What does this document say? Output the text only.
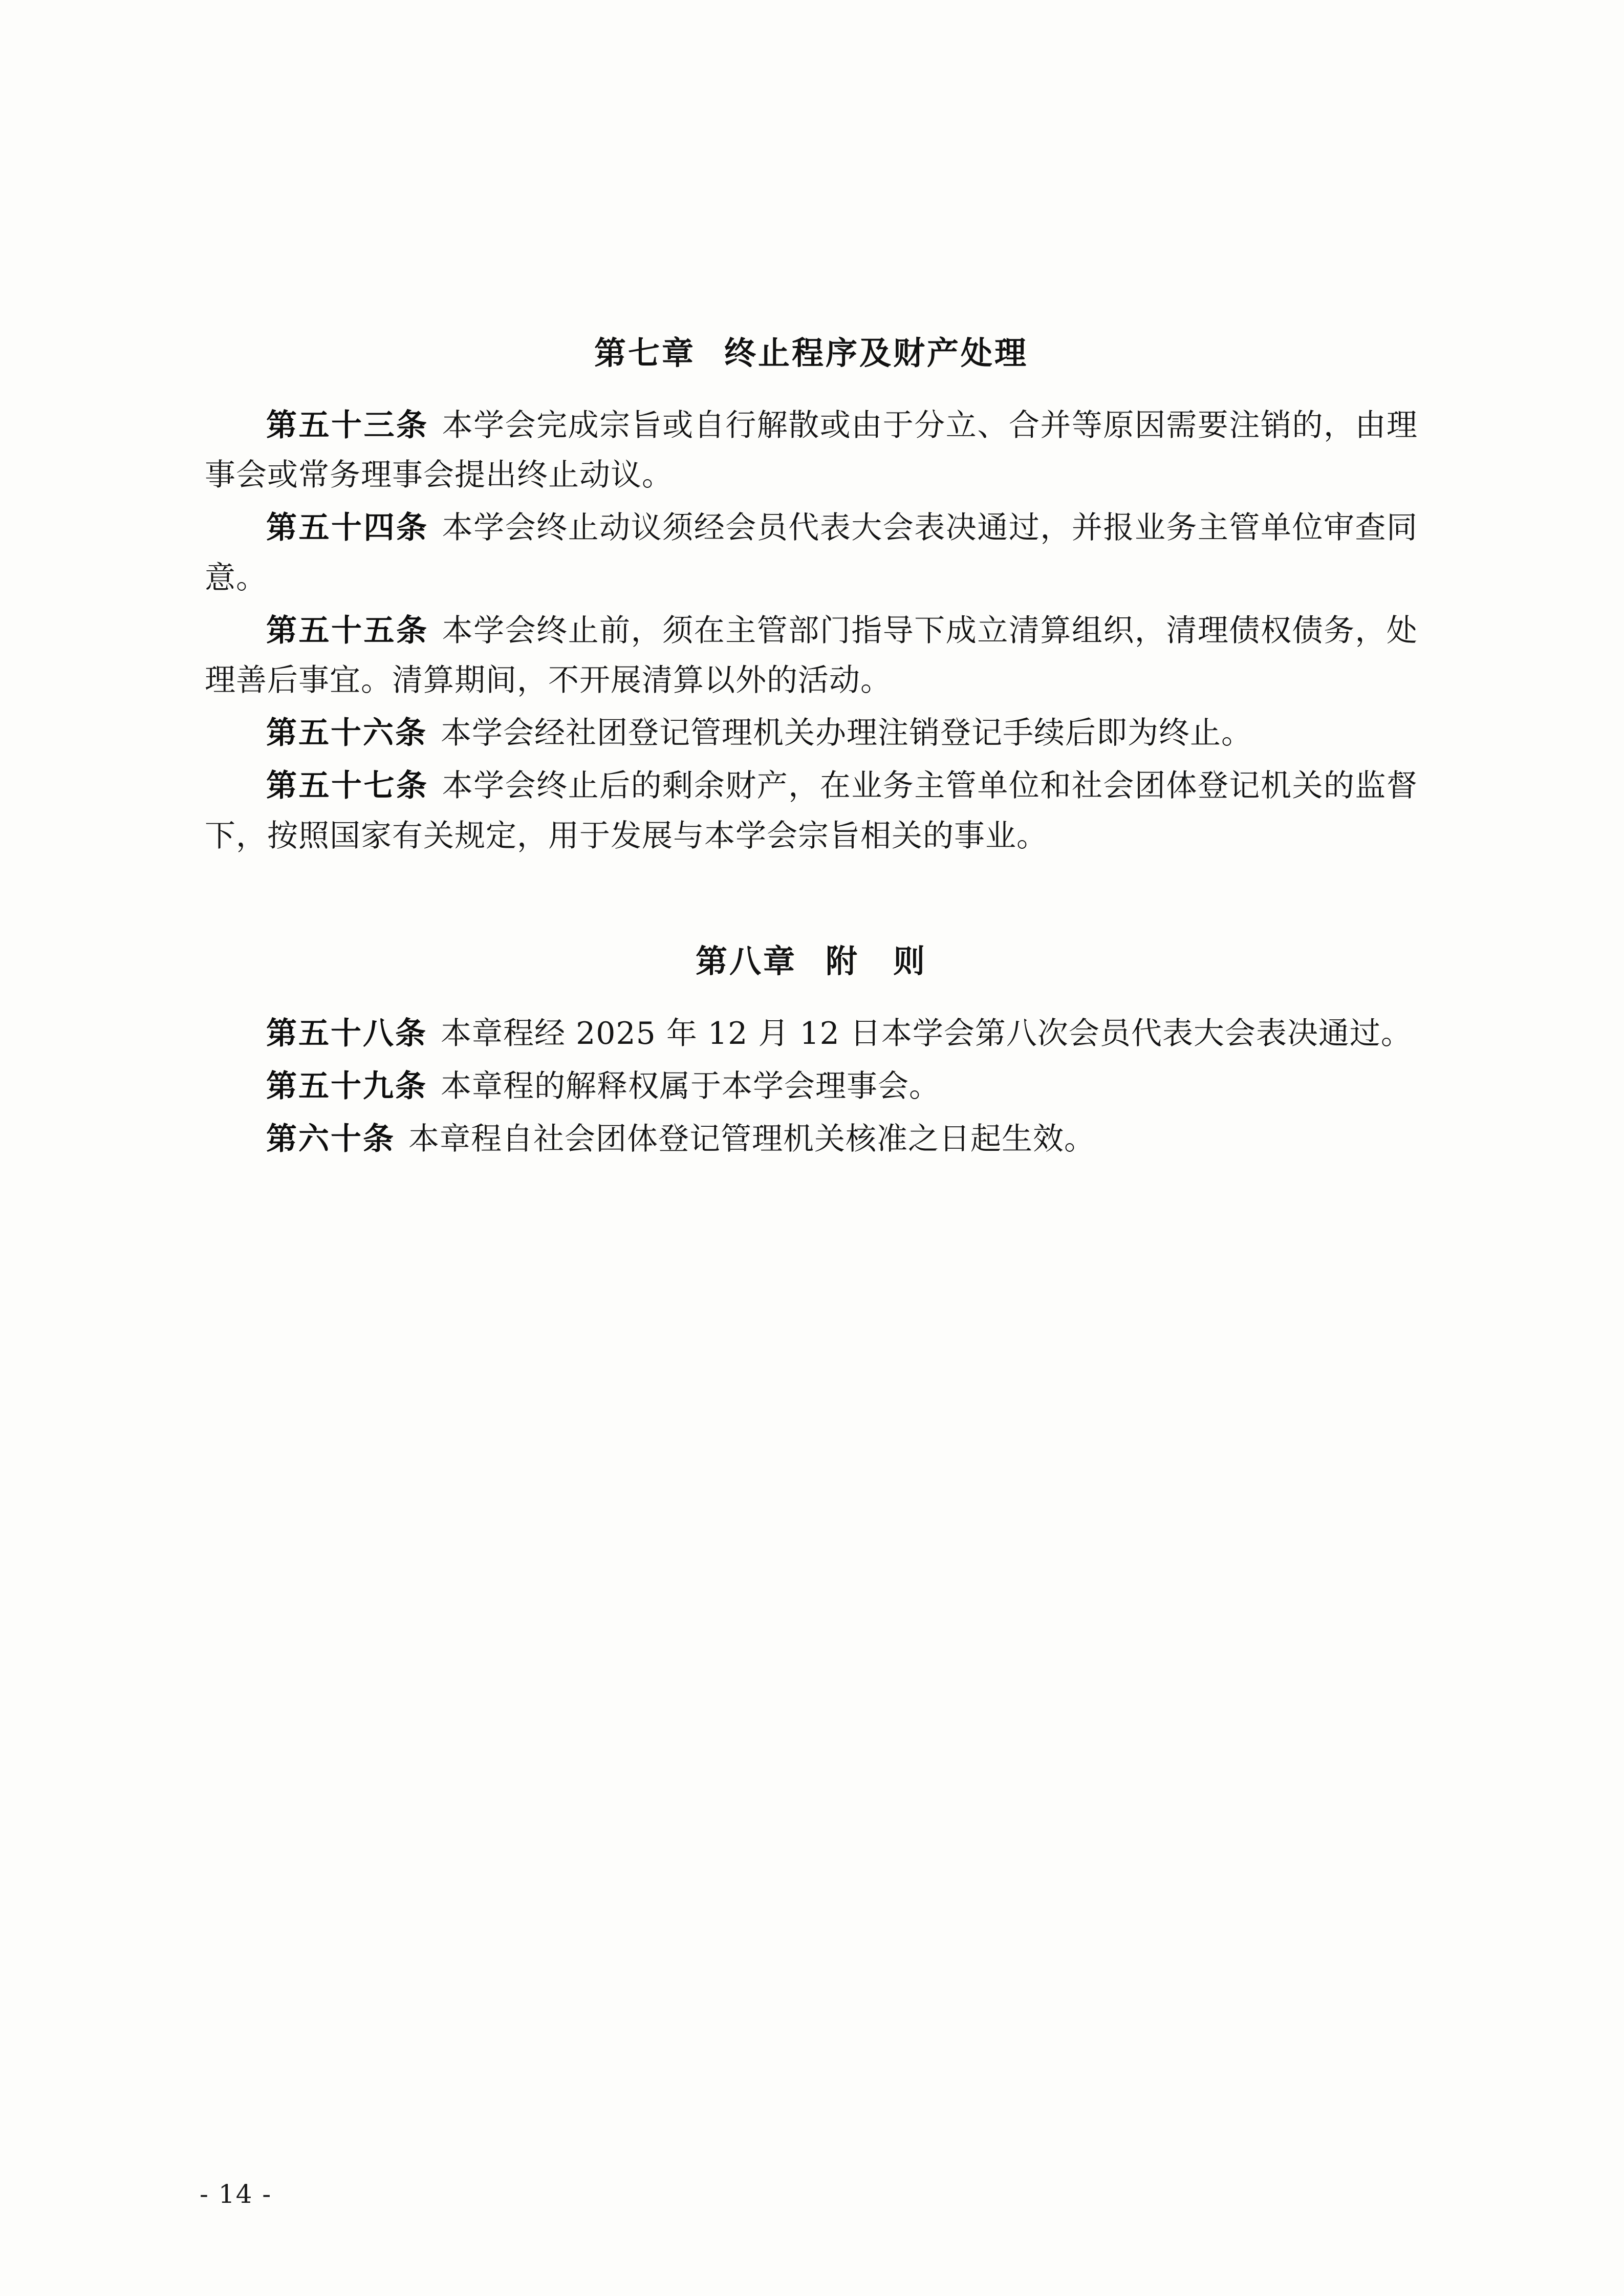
第七章 终止程序及财产处理

第五十三条 本学会完成宗旨或自行解散或由于分立、合并等原因需要注销的，由理事会或常务理事会提出终止动议。

第五十四条 本学会终止动议须经会员代表大会表决通过，并报业务主管单位审查同意。

第五十五条 本学会终止前，须在主管部门指导下成立清算组织，清理债权债务，处理善后事宜。清算期间，不开展清算以外的活动。

第五十六条 本学会经社团登记管理机关办理注销登记手续后即为终止。

第五十七条 本学会终止后的剩余财产，在业务主管单位和社会团体登记机关的监督下，按照国家有关规定，用于发展与本学会宗旨相关的事业。

第八章 附　则

第五十八条 本章程经 2025 年 12 月 12 日本学会第八次会员代表大会表决通过。

第五十九条 本章程的解释权属于本学会理事会。

第六十条 本章程自社会团体登记管理机关核准之日起生效。

- 14 -
